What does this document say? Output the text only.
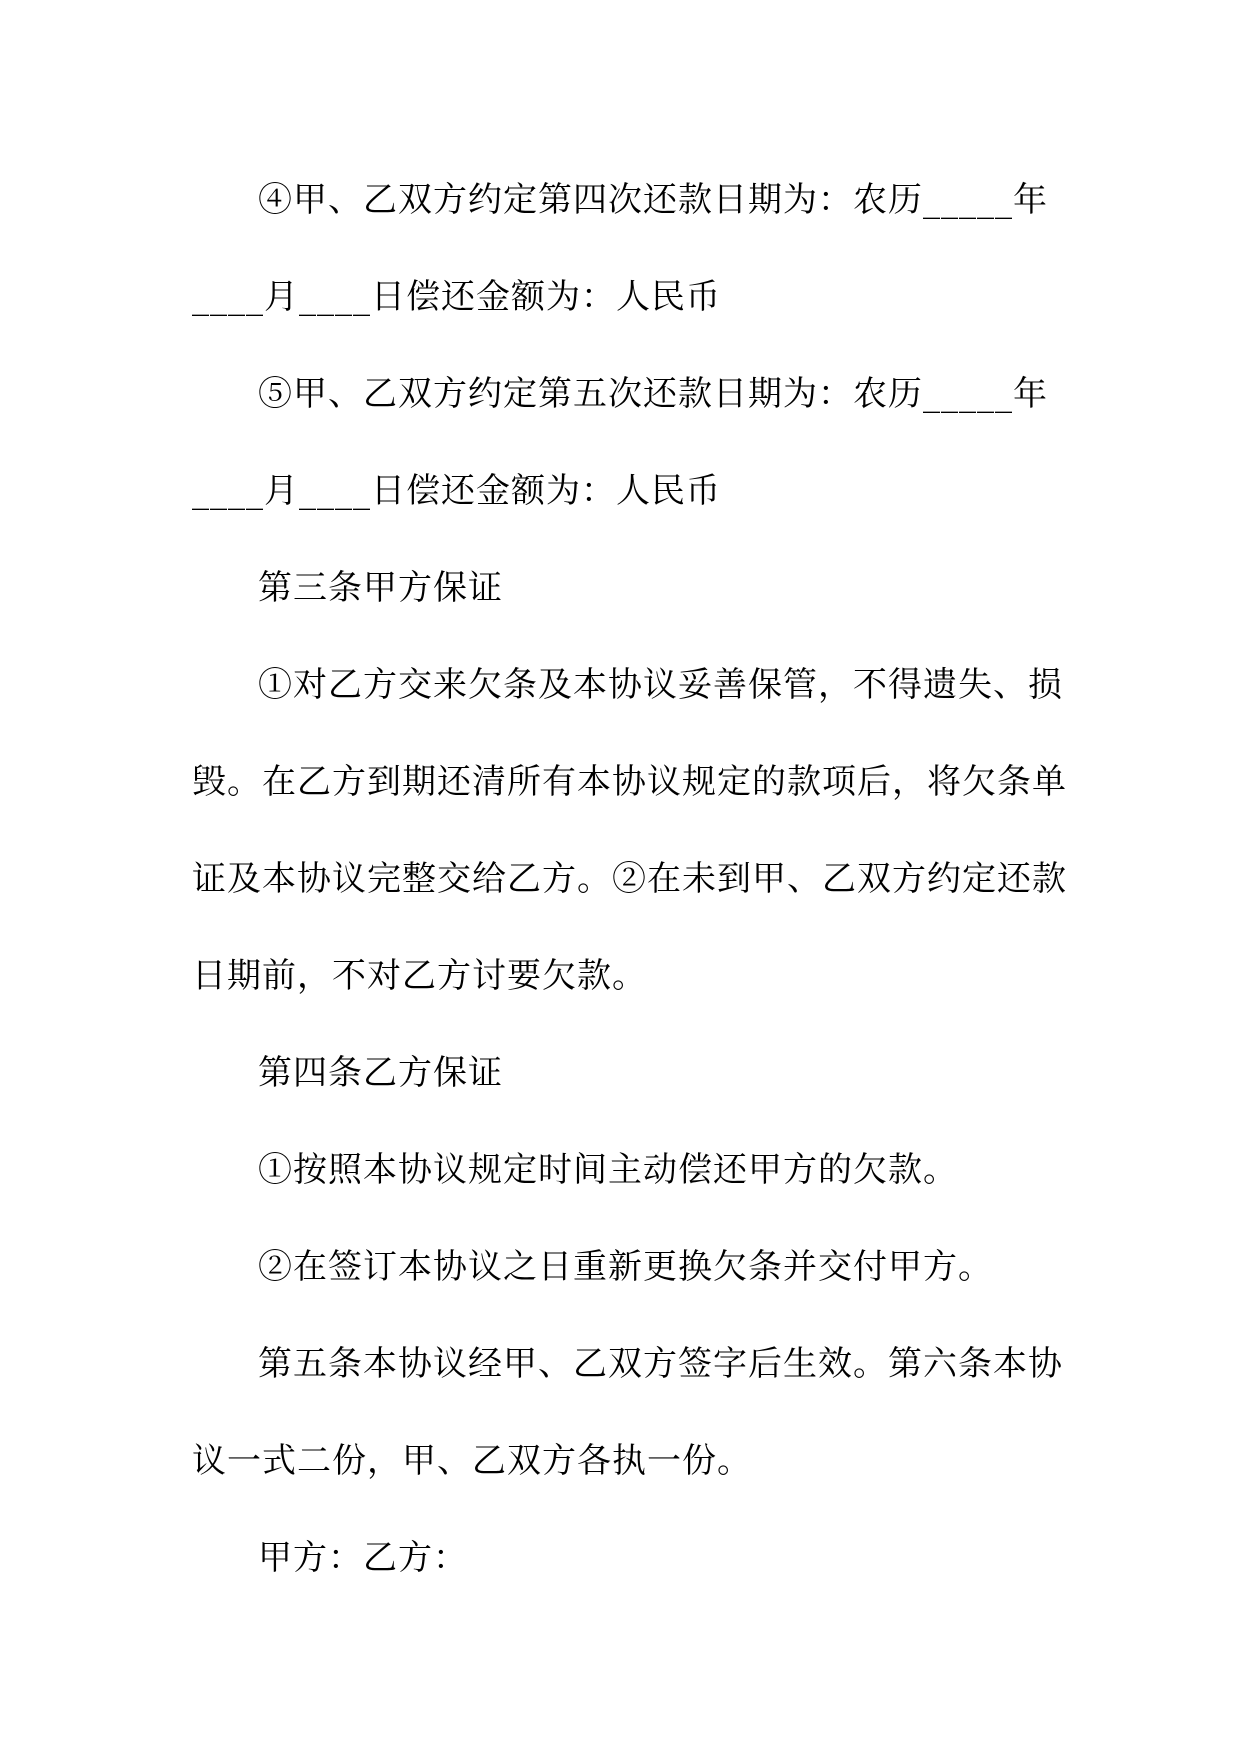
④甲、乙双方约定第四次还款日期为：农历_____年
____月____日偿还金额为：人民币
⑤甲、乙双方约定第五次还款日期为：农历_____年
____月____日偿还金额为：人民币
第三条甲方保证
①对乙方交来欠条及本协议妥善保管，不得遗失、损
毁。在乙方到期还清所有本协议规定的款项后，将欠条单
证及本协议完整交给乙方。②在未到甲、乙双方约定还款
日期前，不对乙方讨要欠款。
第四条乙方保证
①按照本协议规定时间主动偿还甲方的欠款。
②在签订本协议之日重新更换欠条并交付甲方。
第五条本协议经甲、乙双方签字后生效。第六条本协
议一式二份，甲、乙双方各执一份。
甲方：乙方：
